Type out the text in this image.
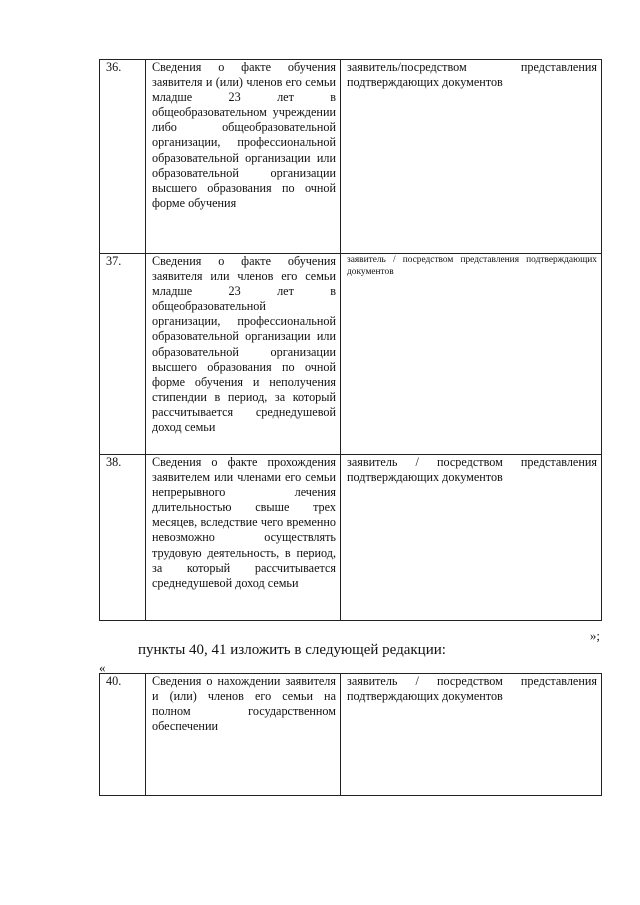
36.	Сведения о факте обучения заявителя и (или) членов его семьи младше 23 лет в общеобразовательном учреждении либо общеобразовательной организации, профессиональной образовательной организации или образовательной организации высшего образования по очной форме обучения	заявитель/посредством представления подтверждающих документов
37.	Сведения о факте обучения заявителя или членов его семьи младше 23 лет в общеобразовательной организации, профессиональной образовательной организации или образовательной организации высшего образования по очной форме обучения и неполучения стипендии в период, за который рассчитывается среднедушевой доход семьи	заявитель / посредством представления подтверждающих документов
38.	Сведения о факте прохождения заявителем или членами его семьи непрерывного лечения длительностью свыше трех месяцев, вследствие чего временно невозможно осуществлять трудовую деятельность, в период, за который рассчитывается среднедушевой доход семьи	заявитель / посредством представления подтверждающих документов
»;
пункты 40, 41 изложить в следующей редакции:
«
40.	Сведения о нахождении заявителя и (или) членов его семьи на полном государственном обеспечении	заявитель / посредством представления подтверждающих документов
